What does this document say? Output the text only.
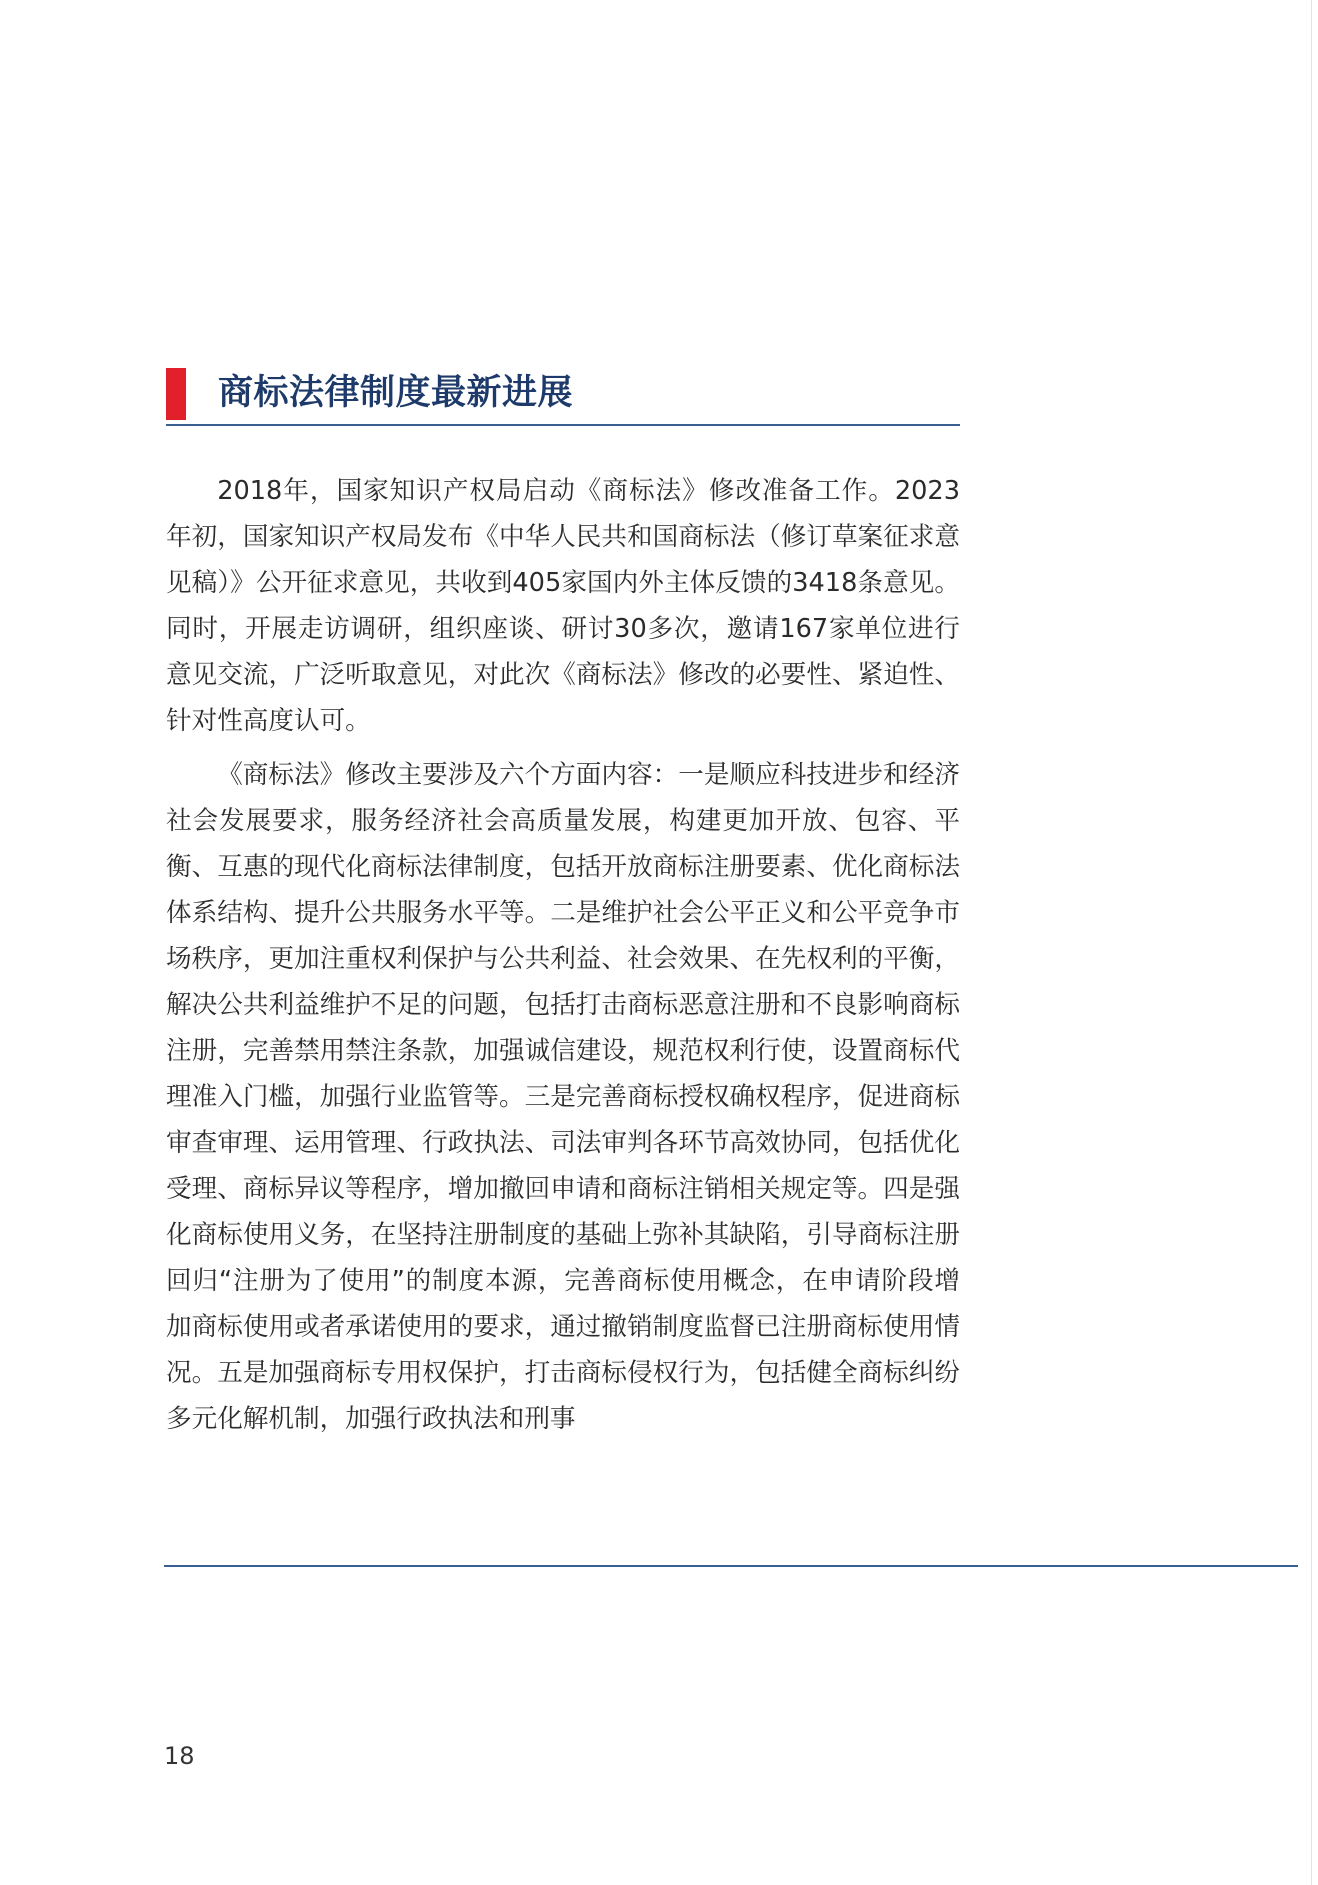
商标法律制度最新进展

2018年，国家知识产权局启动《商标法》修改准备工作。2023年初，国家知识产权局发布《中华人民共和国商标法（修订草案征求意见稿）》公开征求意见，共收到405家国内外主体反馈的3418条意见。同时，开展走访调研，组织座谈、研讨30多次，邀请167家单位进行意见交流，广泛听取意见，对此次《商标法》修改的必要性、紧迫性、针对性高度认可。

《商标法》修改主要涉及六个方面内容：一是顺应科技进步和经济社会发展要求，服务经济社会高质量发展，构建更加开放、包容、平衡、互惠的现代化商标法律制度，包括开放商标注册要素、优化商标法体系结构、提升公共服务水平等。二是维护社会公平正义和公平竞争市场秩序，更加注重权利保护与公共利益、社会效果、在先权利的平衡，解决公共利益维护不足的问题，包括打击商标恶意注册和不良影响商标注册，完善禁用禁注条款，加强诚信建设，规范权利行使，设置商标代理准入门槛，加强行业监管等。三是完善商标授权确权程序，促进商标审查审理、运用管理、行政执法、司法审判各环节高效协同，包括优化受理、商标异议等程序，增加撤回申请和商标注销相关规定等。四是强化商标使用义务，在坚持注册制度的基础上弥补其缺陷，引导商标注册回归“注册为了使用”的制度本源，完善商标使用概念，在申请阶段增加商标使用或者承诺使用的要求，通过撤销制度监督已注册商标使用情况。五是加强商标专用权保护，打击商标侵权行为，包括健全商标纠纷多元化解机制，加强行政执法和刑事

18
